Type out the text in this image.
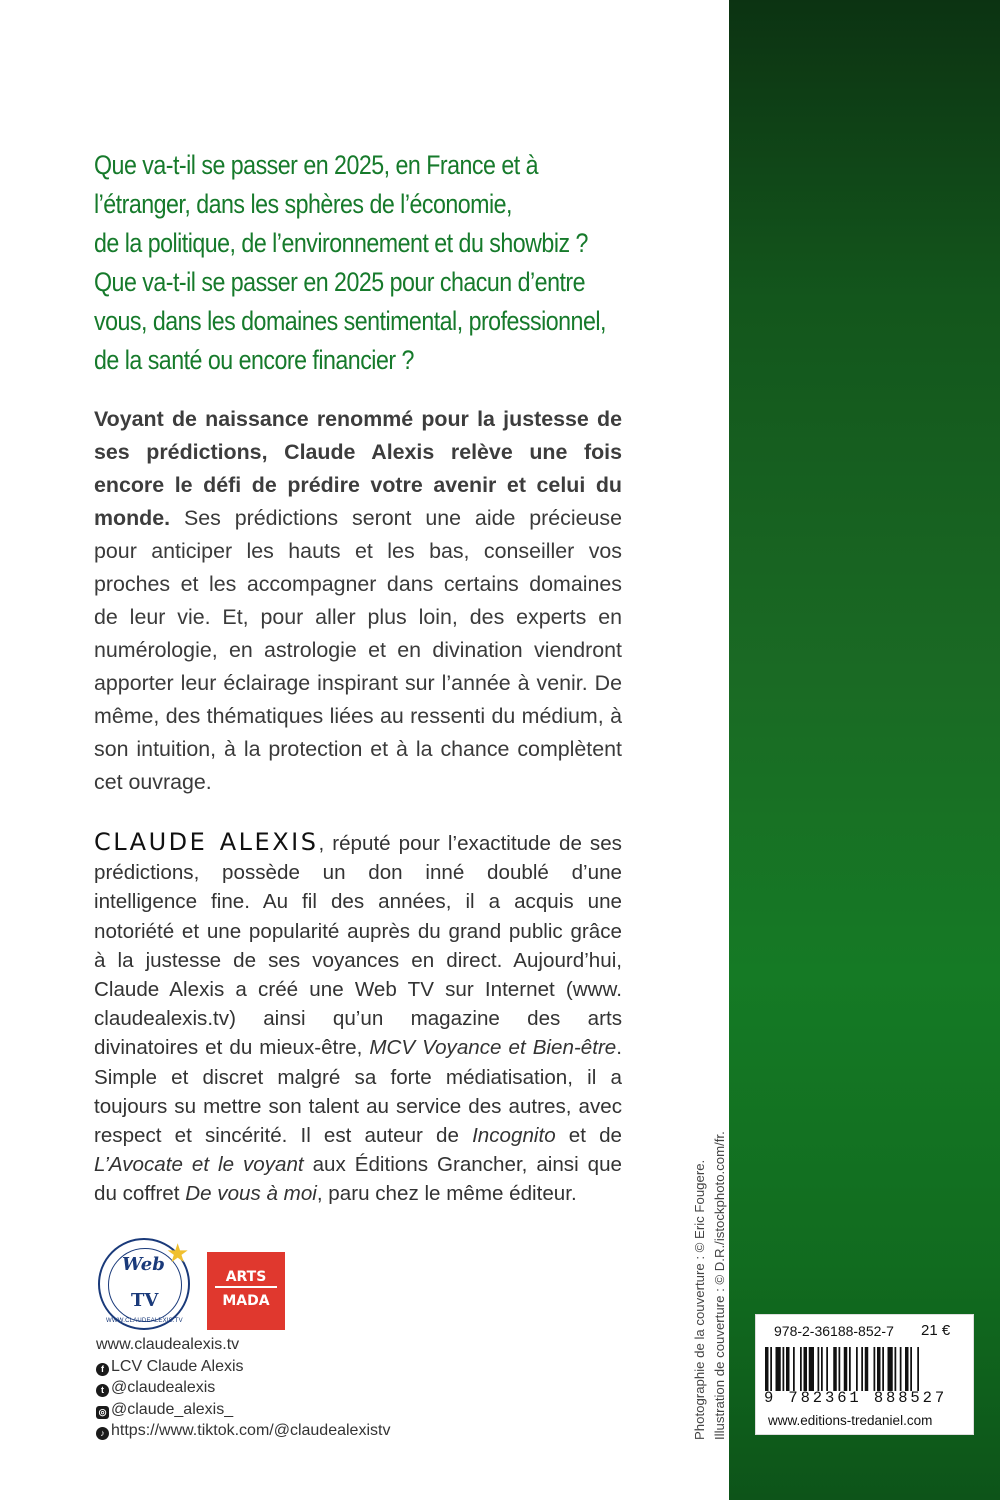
Que va-t-il se passer en 2025, en France et à

l’étranger, dans les sphères de l’économie,

de la politique, de l’environnement et du showbiz ?

Que va-t-il se passer en 2025 pour chacun d’entre

vous, dans les domaines sentimental, professionnel,

de la santé ou encore financier ?

Voyant de naissance renommé pour la justesse de ses prédictions, Claude Alexis relève une fois encore le défi de prédire votre avenir et celui du monde. Ses prédictions seront une aide précieuse pour anticiper les hauts et les bas, conseiller vos proches et les accompagner dans certains domaines de leur vie. Et, pour aller plus loin, des experts en numérologie, en astrologie et en divination viendront apporter leur éclairage inspirant sur l’année à venir. De même, des thématiques liées au ressenti du médium, à son intuition, à la protection et à la chance complètent cet ouvrage.
CLAUDE ALEXIS, réputé pour l’exactitude de ses prédictions, possède un don inné doublé d’une intelligence fine. Au fil des années, il a acquis une notoriété et une popularité auprès du grand public grâce à la justesse de ses voyances en direct. Aujourd’hui, Claude Alexis a créé une Web TV sur Internet (www. claudealexis.tv) ainsi qu’un magazine des arts divinatoires et du mieux-être, MCV Voyance et Bien-être. Simple et discret malgré sa forte médiatisation, il a toujours su mettre son talent au service des autres, avec respect et sincérité. Il est auteur de Incognito et de L’Avocate et le voyant aux Éditions Grancher, ainsi que du coffret De vous à moi, paru chez le même éditeur.
★
Web
TV
WWW.CLAUDEALEXIS.TV
ARTS
MADA
www.claudealexis.tv
f LCV Claude Alexis
t @claudealexis
◎ @claude_alexis_
♪ https://www.tiktok.com/@claudealexistv	Photographie de la couverture : © Eric Fougere. Illustration de couverture : © D.R./istockphoto.com/fr.	978-2-36188-852-7 21 €
9 782361 888527
www.editions-tredaniel.com
